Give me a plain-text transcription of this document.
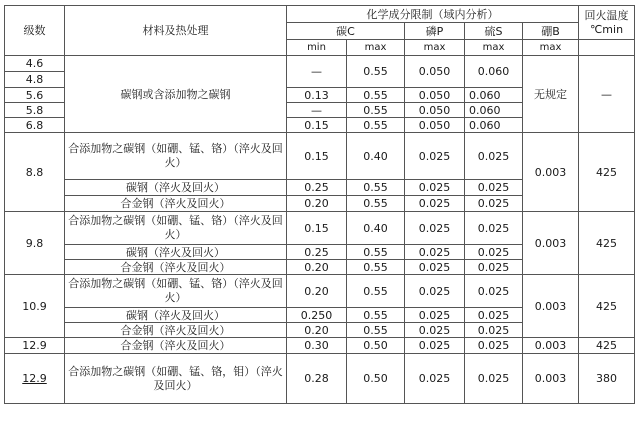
级数	材料及热处理	化学成分限制（域内分析）					回火温度
℃min
		碳C		磷P	硫S	硼B	
		min	max	max	max	max	
4.6	碳钢或含添加物之碳钢	—	0.55	0.050	0.060	无规定	—
4.8							
5.6		0.13	0.55	0.050	0.060		
5.8		—	0.55	0.050	0.060		
6.8		0.15	0.55	0.050	0.060		
8.8	合添加物之碳钢（如硼、锰、铬）（淬火及回火）	0.15	0.40	0.025	0.025	0.003	425
	碳钢（淬火及回火）	0.25	0.55	0.025	0.025		
	合金钢（淬火及回火）	0.20	0.55	0.025	0.025		
9.8	合添加物之碳钢（如硼、锰、铬）（淬火及回火）	0.15	0.40	0.025	0.025	0.003	425
	碳钢（淬火及回火）	0.25	0.55	0.025	0.025		
	合金钢（淬火及回火）	0.20	0.55	0.025	0.025		
10.9	合添加物之碳钢（如硼、锰、铬）（淬火及回火）	0.20	0.55	0.025	0.025	0.003	425
	碳钢（淬火及回火）	0.250	0.55	0.025	0.025		
	合金钢（淬火及回火）	0.20	0.55	0.025	0.025		
12.9	合金钢（淬火及回火）	0.30	0.50	0.025	0.025	0.003	425
12.9	合添加物之碳钢（如硼、锰、铬，钼）（淬火及回火）	0.28	0.50	0.025	0.025	0.003	380
